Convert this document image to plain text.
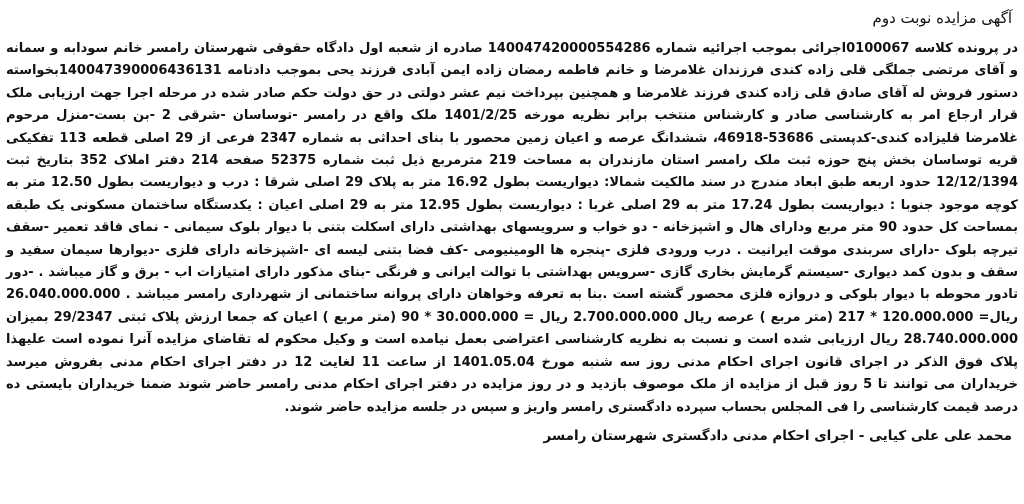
آگهی مزایده نوبت دوم

در پرونده کلاسه 0100067اجرائی بموجب اجرائیه شماره 140047420000554286 صادره از شعبه اول دادگاه حقوقی شهرستان رامسر خانم سودابه و سمانه و آقای مرتضی جملگی قلی زاده کندی فرزندان غلامرضا و خانم فاطمه رمضان زاده ایمن آبادی فرزند یحی بموجب دادنامه 140047390006436131بخواسته دستور فروش له آقای صادق قلی زاده کندی فرزند غلامرضا و همچنین بپرداخت نیم عشر دولتی در حق دولت حکم صادر شده در مرحله اجرا جهت ارزیابی ملک قرار ارجاع امر به کارشناسی صادر و کارشناس منتخب برابر نظریه مورخه 1401/2/25 ملک واقع در رامسر -توساسان -شرقی 2 -بن بست-منزل مرحوم غلامرضا قلیزاده کندی-کدپستی 53686-46918، ششدانگ عرصه و اعیان زمین محصور با بنای احداثی به شماره 2347 فرعی از 29 اصلی قطعه 113 تفکیکی قریه توساسان بخش پنج حوزه ثبت ملک رامسر استان مازندران به مساحت 219 مترمربع ذیل ثبت شماره 52375 صفحه 214 دفتر املاک 352 بتاریخ ثبت 12/12/1394 حدود اربعه طبق ابعاد مندرج در سند مالکیت شمالا: دیواریست بطول 16.92 متر به پلاک 29 اصلی شرقا : درب و دیواریست بطول 12.50 متر به کوچه موجود جنوبا : دیواریست بطول 17.24 متر به 29 اصلی غربا : دیواریست بطول 12.95 متر به 29 اصلی اعیان : یکدستگاه ساختمان مسکونی یک طبقه بمساحت کل حدود 90 متر مربع ودارای هال و اشپزخانه - دو خواب و سرویسهای بهداشتی دارای اسکلت بتنی با دیوار بلوک سیمانی - نمای فاقد تعمیر -سقف تیرچه بلوک -دارای سربندی موقت ایرانیت . درب ورودی فلزی -پنجره ها الومینیومی -کف فضا بتنی لیسه ای -اشپزخانه دارای فلزی -دیوارها سیمان سفید و سقف و بدون کمد دیواری -سیستم گرمایش بخاری گازی -سرویس بهداشتی با توالت ایرانی و فرنگی -بنای مذکور دارای امتیازات اب - برق و گاز میباشد . -دور تادور محوطه با دیوار بلوکی و دروازه فلزی محصور گشته است .بنا به تعرفه وخواهان دارای پروانه ساختمانی از شهرداری رامسر میباشد . 26.040.000.000 ریال= 120.000.000 * 217 (متر مربع ) عرصه ریال 2.700.000.000 ریال = 30.000.000 * 90 (متر مربع ) اعیان که جمعا ارزش پلاک ثبتی 29/2347 بمیزان 28.740.000.000 ریال ارزیابی شده است و نسبت به نظریه کارشناسی اعتراضی بعمل نیامده است و وکیل محکوم له تقاضای مزایده آنرا نموده است علیهذا پلاک فوق الذکر در اجرای قانون اجرای احکام مدنی روز سه شنبه مورخ 1401.05.04 از ساعت 11 لغایت 12 در دفتر اجرای احکام مدنی بفروش میرسد خریداران می توانند تا 5 روز قبل از مزایده از ملک موصوف بازدید و در روز مزایده در دفتر اجرای احکام مدنی رامسر حاضر شوند ضمنا خریداران بایستی ده درصد قیمت کارشناسی را فی المجلس بحساب سپرده دادگستری رامسر واریز و سپس در جلسه مزایده حاضر شوند.

محمد علی علی کیایی - اجرای احکام مدنی دادگستری شهرستان رامسر
